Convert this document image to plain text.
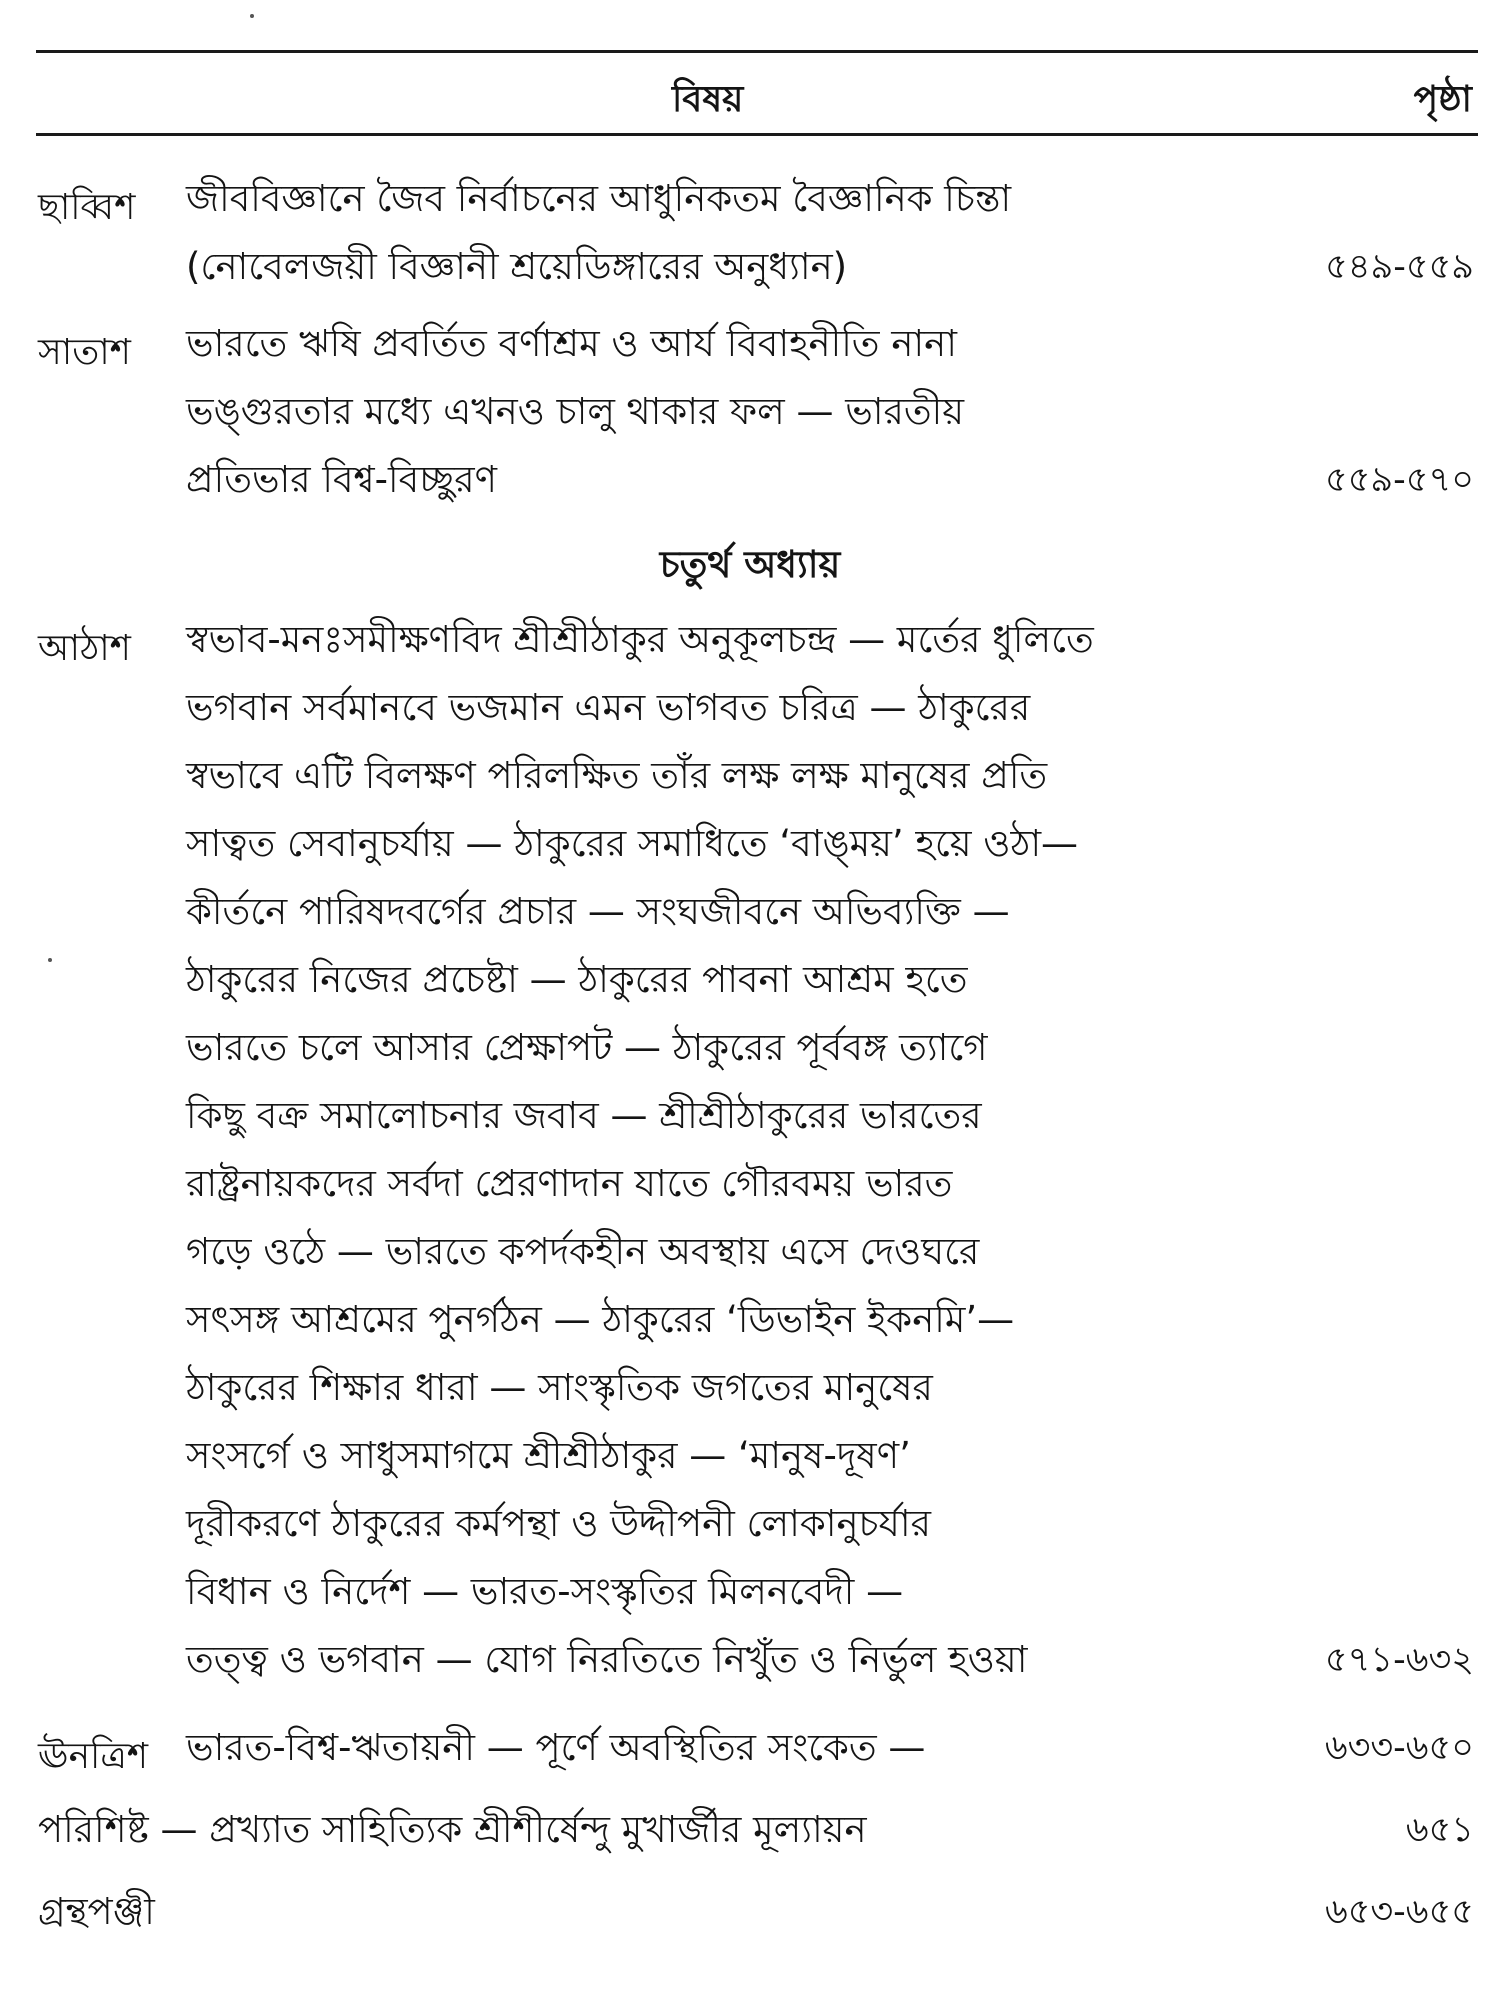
বিষয়	পৃষ্ঠা
ছাব্বিশ জীববিজ্ঞানে জৈব নির্বাচনের আধুনিকতম বৈজ্ঞানিক চিন্তা
(নোবেলজয়ী বিজ্ঞানী শ্রয়েডিঙ্গারের অনুধ্যান)	৫৪৯-৫৫৯
সাতাশ ভারতে ঋষি প্রবর্তিত বর্ণাশ্রম ও আর্য বিবাহনীতি নানা
ভঙ্গুরতার মধ্যে এখনও চালু থাকার ফল — ভারতীয়
প্রতিভার বিশ্ব-বিচ্ছুরণ	৫৫৯-৫৭০
চতুর্থ অধ্যায়
আঠাশ স্বভাব-মনঃসমীক্ষণবিদ শ্রীশ্রীঠাকুর অনুকূলচন্দ্র — মর্তের ধুলিতে
ভগবান সর্বমানবে ভজমান এমন ভাগবত চরিত্র — ঠাকুরের
স্বভাবে এটি বিলক্ষণ পরিলক্ষিত তাঁর লক্ষ লক্ষ মানুষের প্রতি
সাত্বত সেবানুচর্যায় — ঠাকুরের সমাধিতে ‘বাঙ্‌ময়’ হয়ে ওঠা—
কীর্তনে পারিষদবর্গের প্রচার — সংঘজীবনে অভিব্যক্তি —
ঠাকুরের নিজের প্রচেষ্টা — ঠাকুরের পাবনা আশ্রম হতে
ভারতে চলে আসার প্রেক্ষাপট — ঠাকুরের পূর্ববঙ্গ ত্যাগে
কিছু বক্র সমালোচনার জবাব — শ্রীশ্রীঠাকুরের ভারতের
রাষ্ট্রনায়কদের সর্বদা প্রেরণাদান যাতে গৌরবময় ভারত
গড়ে ওঠে — ভারতে কপর্দকহীন অবস্থায় এসে দেওঘরে
সৎসঙ্গ আশ্রমের পুনর্গঠন — ঠাকুরের ‘ডিভাইন ইকনমি’—
ঠাকুরের শিক্ষার ধারা — সাংস্কৃতিক জগতের মানুষের
সংসর্গে ও সাধুসমাগমে শ্রীশ্রীঠাকুর — ‘মানুষ-দূষণ’
দূরীকরণে ঠাকুরের কর্মপন্থা ও উদ্দীপনী লোকানুচর্যার
বিধান ও নির্দেশ — ভারত-সংস্কৃতির মিলনবেদী —
তত্ত্ব ও ভগবান — যোগ নিরতিতে নিখুঁত ও নির্ভুল হওয়া	৫৭১-৬৩২
ঊনত্রিশ ভারত-বিশ্ব-ঋতায়নী — পূর্ণে অবস্থিতির সংকেত —	৬৩৩-৬৫০
পরিশিষ্ট — প্রখ্যাত সাহিত্যিক শ্রীশীর্ষেন্দু মুখার্জীর মূল্যায়ন	৬৫১
গ্রন্থপঞ্জী	৬৫৩-৬৫৫
